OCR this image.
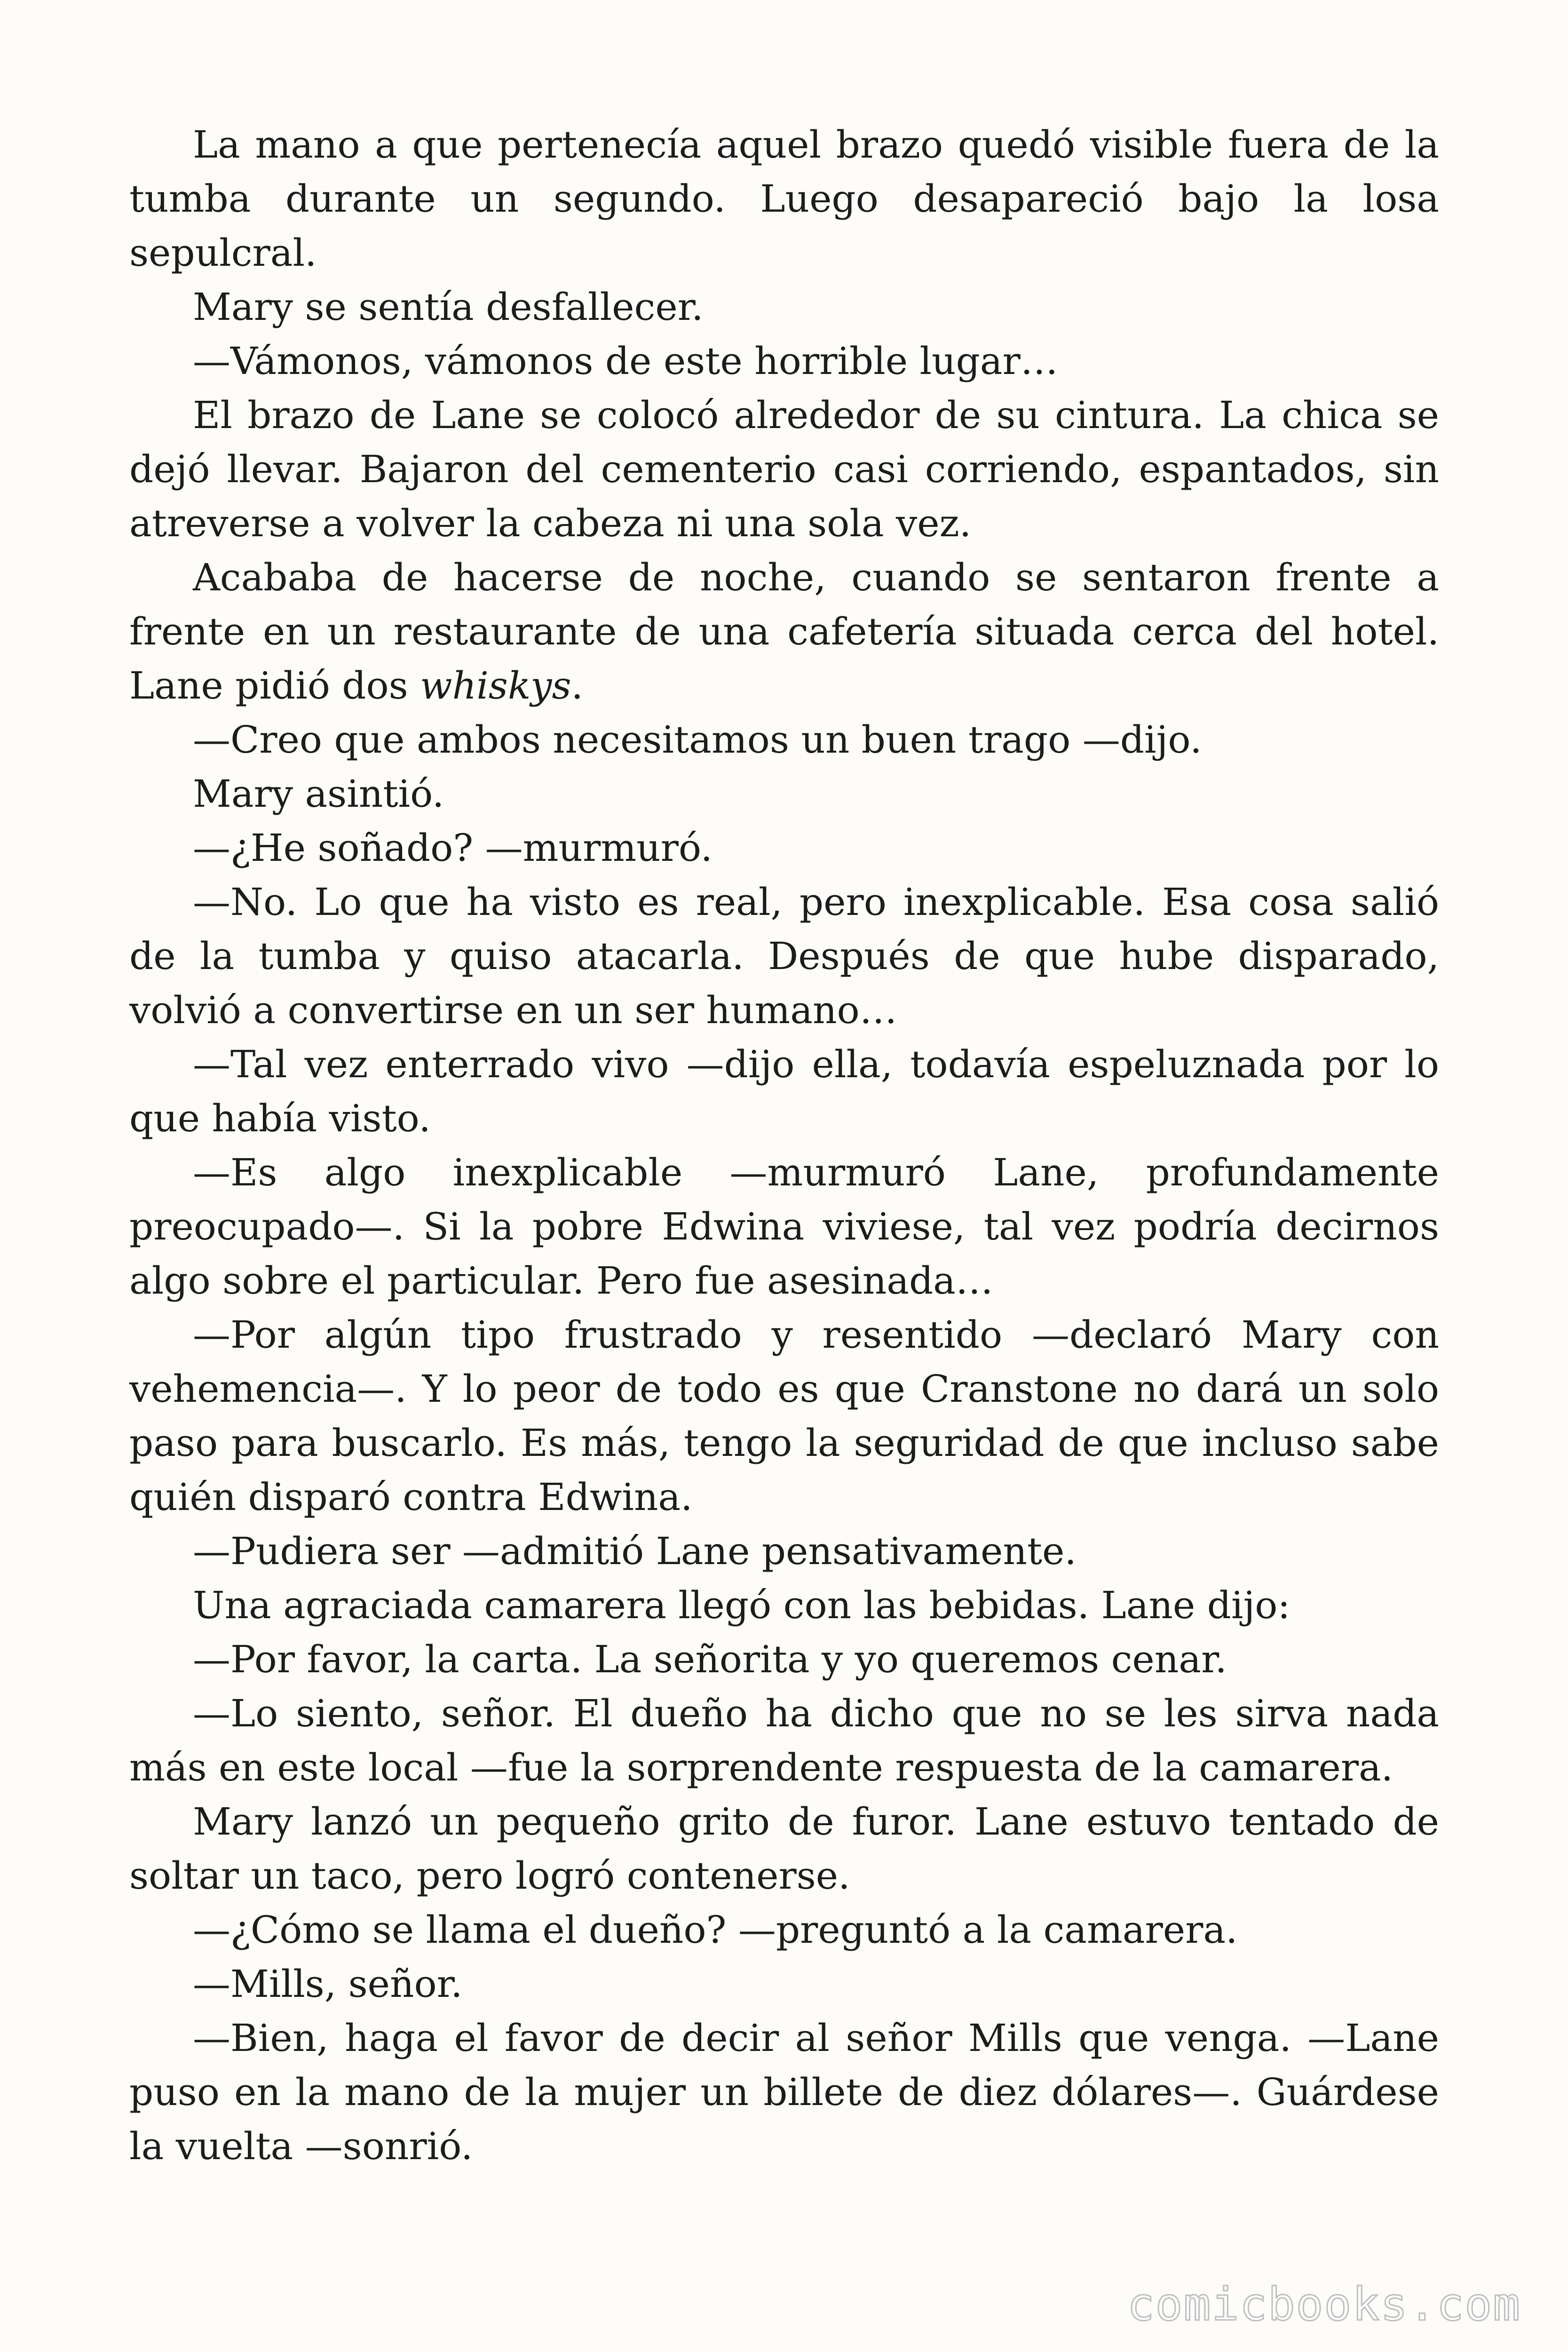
La mano a que pertenecía aquel brazo quedó visible fuera de la tumba durante un segundo. Luego desapareció bajo la losa sepulcral.

Mary se sentía desfallecer.

—Vámonos, vámonos de este horrible lugar…

El brazo de Lane se colocó alrededor de su cintura. La chica se dejó llevar. Bajaron del cementerio casi corriendo, espantados, sin atreverse a volver la cabeza ni una sola vez.

Acababa de hacerse de noche, cuando se sentaron frente a frente en un restaurante de una cafetería situada cerca del hotel. Lane pidió dos whiskys.

—Creo que ambos necesitamos un buen trago —dijo.

Mary asintió.

—¿He soñado? —murmuró.

—No. Lo que ha visto es real, pero inexplicable. Esa cosa salió de la tumba y quiso atacarla. Después de que hube disparado, volvió a convertirse en un ser humano…

—Tal vez enterrado vivo —dijo ella, todavía espeluznada por lo que había visto.

—Es algo inexplicable —murmuró Lane, profundamente preocupado—. Si la pobre Edwina viviese, tal vez podría decirnos algo sobre el particular. Pero fue asesinada…

—Por algún tipo frustrado y resentido —declaró Mary con vehemencia—. Y lo peor de todo es que Cranstone no dará un solo paso para buscarlo. Es más, tengo la seguridad de que incluso sabe quién disparó contra Edwina.

—Pudiera ser —admitió Lane pensativamente.

Una agraciada camarera llegó con las bebidas. Lane dijo:

—Por favor, la carta. La señorita y yo queremos cenar.

—Lo siento, señor. El dueño ha dicho que no se les sirva nada más en este local —fue la sorprendente respuesta de la camarera.

Mary lanzó un pequeño grito de furor. Lane estuvo tentado de soltar un taco, pero logró contenerse.

—¿Cómo se llama el dueño? —preguntó a la camarera.

—Mills, señor.

—Bien, haga el favor de decir al señor Mills que venga. —Lane puso en la mano de la mujer un billete de diez dólares—. Guárdese la vuelta —sonrió.

comicbooks.com
